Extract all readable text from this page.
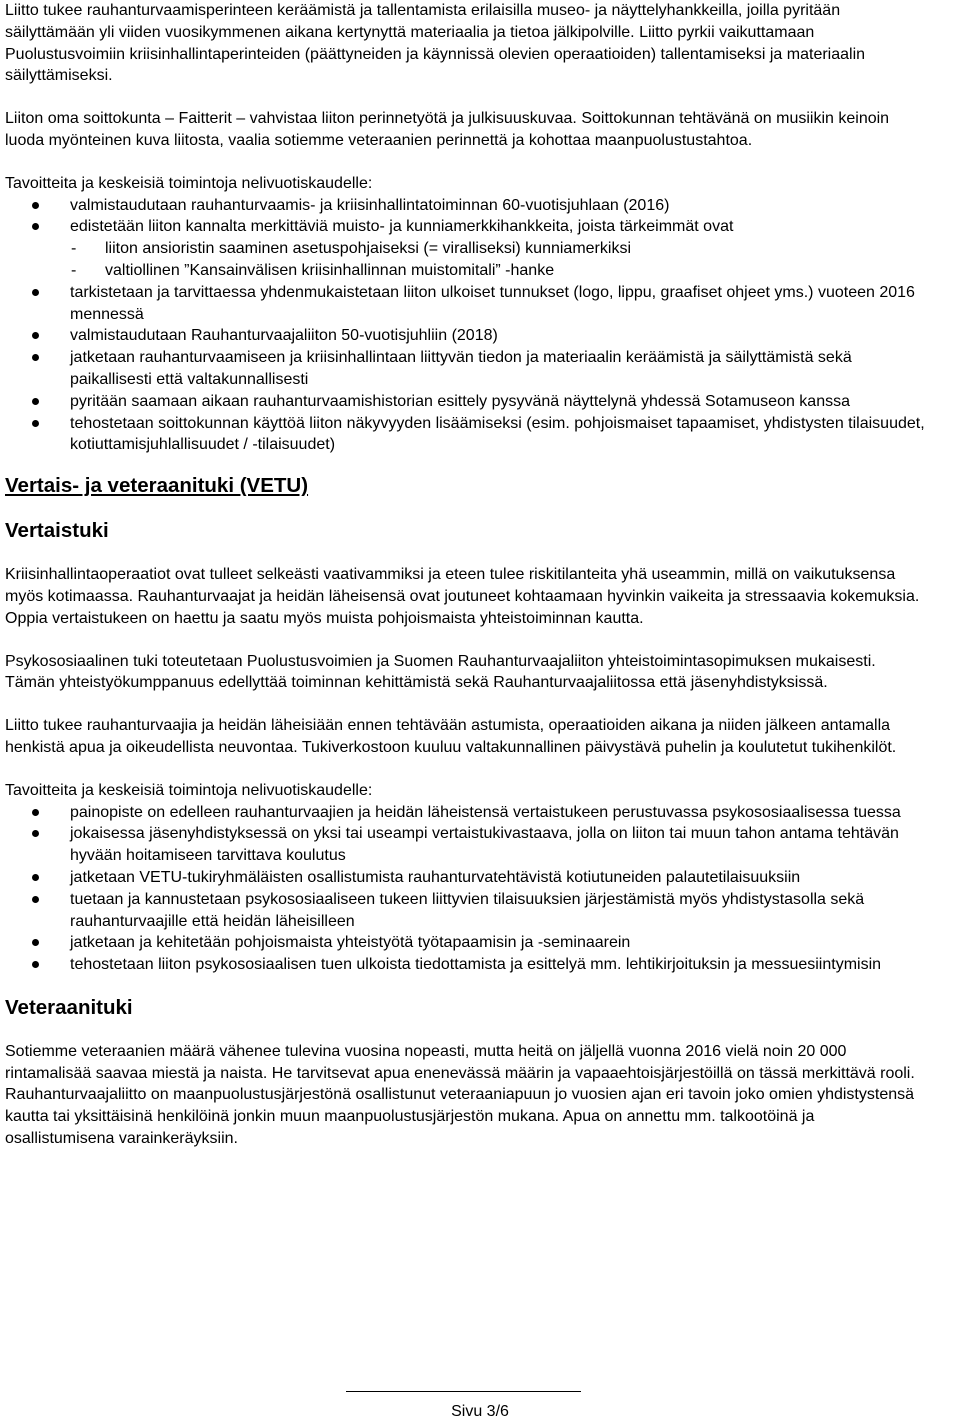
Liitto tukee rauhanturvaamisperinteen keräämistä ja tallentamista erilaisilla museo- ja näyttelyhankkeilla, joilla pyritään säilyttämään yli viiden vuosikymmenen aikana kertynyttä materiaalia ja tietoa jälkipolville. Liitto pyrkii vaikuttamaan Puolustusvoimiin kriisinhallintaperinteiden (päättyneiden ja käynnissä olevien operaatioiden) tallentamiseksi ja materiaalin säilyttämiseksi.

Liiton oma soittokunta – Faitterit – vahvistaa liiton perinnetyötä ja julkisuuskuvaa. Soittokunnan tehtävänä on musiikin keinoin luoda myönteinen kuva liitosta, vaalia sotiemme veteraanien perinnettä ja kohottaa maanpuolustustahtoa.

Tavoitteita ja keskeisiä toimintoja nelivuotiskaudelle:

valmistaudutaan rauhanturvaamis- ja kriisinhallintatoiminnan 60-vuotisjuhlaan (2016)
edistetään liiton kannalta merkittäviä muisto- ja kunniamerkkihankkeita, joista tärkeimmät ovat
- liiton ansioristin saaminen asetuspohjaiseksi (= viralliseksi) kunniamerkiksi
- valtiollinen ”Kansainvälisen kriisinhallinnan muistomitali” -hanke
tarkistetaan ja tarvittaessa yhdenmukaistetaan liiton ulkoiset tunnukset (logo, lippu, graafiset ohjeet yms.) vuoteen 2016 mennessä
valmistaudutaan Rauhanturvaajaliiton 50-vuotisjuhliin (2018)
jatketaan rauhanturvaamiseen ja kriisinhallintaan liittyvän tiedon ja materiaalin keräämistä ja säilyttämistä sekä paikallisesti että valtakunnallisesti
pyritään saamaan aikaan rauhanturvaamishistorian esittely pysyvänä näyttelynä yhdessä Sotamuseon kanssa
tehostetaan soittokunnan käyttöä liiton näkyvyyden lisäämiseksi (esim. pohjoismaiset tapaamiset, yhdistysten tilaisuudet, kotiuttamisjuhlallisuudet / -tilaisuudet)
Vertais- ja veteraanituki (VETU)
Vertaistuki

Kriisinhallintaoperaatiot ovat tulleet selkeästi vaativammiksi ja eteen tulee riskitilanteita yhä useammin, millä on vaikutuksensa myös kotimaassa. Rauhanturvaajat ja heidän läheisensä ovat joutuneet kohtaamaan hyvinkin vaikeita ja stressaavia kokemuksia. Oppia vertaistukeen on haettu ja saatu myös muista pohjoismaista yhteistoiminnan kautta.

Psykososiaalinen tuki toteutetaan Puolustusvoimien ja Suomen Rauhanturvaajaliiton yhteistoimintasopimuksen mukaisesti. Tämän yhteistyökumppanuus edellyttää toiminnan kehittämistä sekä Rauhanturvaajaliitossa että jäsenyhdistyksissä.

Liitto tukee rauhanturvaajia ja heidän läheisiään ennen tehtävään astumista, operaatioiden aikana ja niiden jälkeen antamalla henkistä apua ja oikeudellista neuvontaa. Tukiverkostoon kuuluu valtakunnallinen päivystävä puhelin ja koulutetut tukihenkilöt.

Tavoitteita ja keskeisiä toimintoja nelivuotiskaudelle:

painopiste on edelleen rauhanturvaajien ja heidän läheistensä vertaistukeen perustuvassa psykososiaalisessa tuessa
jokaisessa jäsenyhdistyksessä on yksi tai useampi vertaistukivastaava, jolla on liiton tai muun tahon antama tehtävän hyvään hoitamiseen tarvittava koulutus
jatketaan VETU-tukiryhmäläisten osallistumista rauhanturvatehtävistä kotiutuneiden palautetilaisuuksiin
tuetaan ja kannustetaan psykososiaaliseen tukeen liittyvien tilaisuuksien järjestämistä myös yhdistystasolla sekä rauhanturvaajille että heidän läheisilleen
jatketaan ja kehitetään pohjoismaista yhteistyötä työtapaamisin ja -seminaarein
tehostetaan liiton psykososiaalisen tuen ulkoista tiedottamista ja esittelyä mm. lehtikirjoituksin ja messuesiintymisin
Veteraanituki

Sotiemme veteraanien määrä vähenee tulevina vuosina nopeasti, mutta heitä on jäljellä vuonna 2016 vielä noin 20 000 rintamalisää saavaa miestä ja naista. He tarvitsevat apua enenevässä määrin ja vapaaehtoisjärjestöillä on tässä merkittävä rooli. Rauhanturvaajaliitto on maanpuolustusjärjestönä osallistunut veteraaniapuun jo vuosien ajan eri tavoin joko omien yhdistystensä kautta tai yksittäisinä henkilöinä jonkin muun maanpuolustusjärjestön mukana. Apua on annettu mm. talkootöinä ja osallistumisena varainkeräyksiin.

Sivu 3/6
